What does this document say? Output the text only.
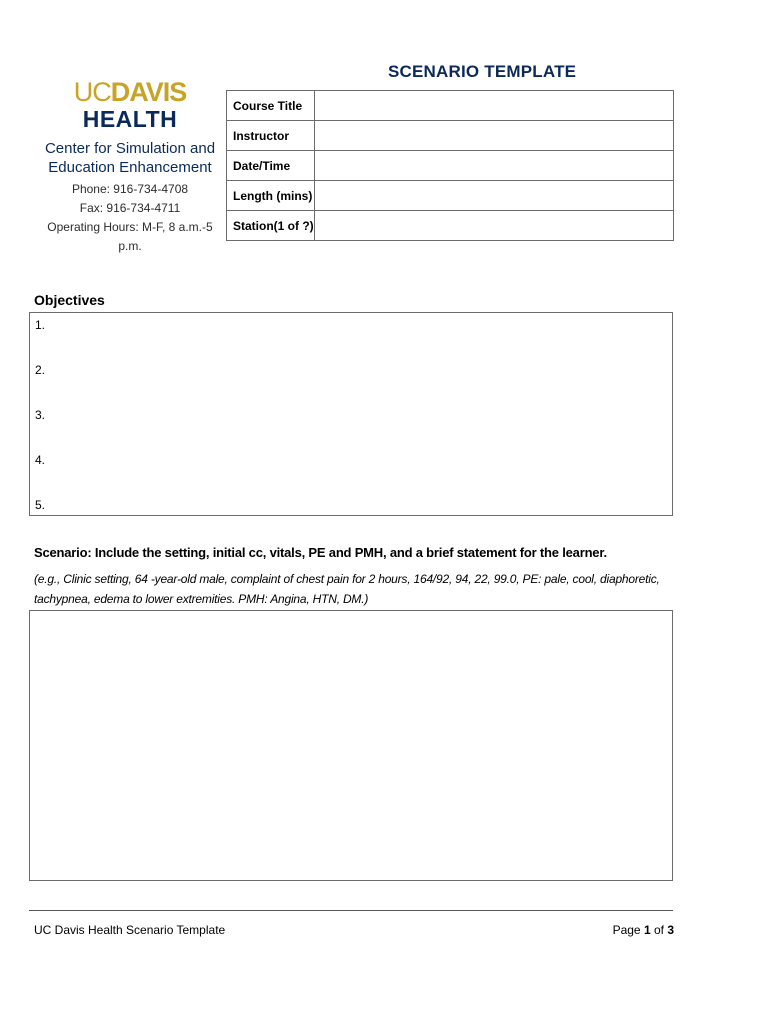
SCENARIO TEMPLATE
UCDAVIS
HEALTH
Center for Simulation and
Education Enhancement
Phone: 916-734-4708
Fax: 916-734-4711
Operating Hours: M-F, 8 a.m.-5 p.m.
Course Title	
Instructor	
Date/Time	
Length (mins)	
Station(1 of ?)	
Objectives
1.
2.
3.
4.
5.
Scenario: Include the setting, initial cc, vitals, PE and PMH, and a brief statement for the learner.
(e.g., Clinic setting, 64 -year-old male, complaint of chest pain for 2 hours, 164/92, 94, 22, 99.0, PE: pale, cool, diaphoretic, tachypnea, edema to lower extremities. PMH: Angina, HTN, DM.)
UC Davis Health Scenario Template	Page 1 of 3
